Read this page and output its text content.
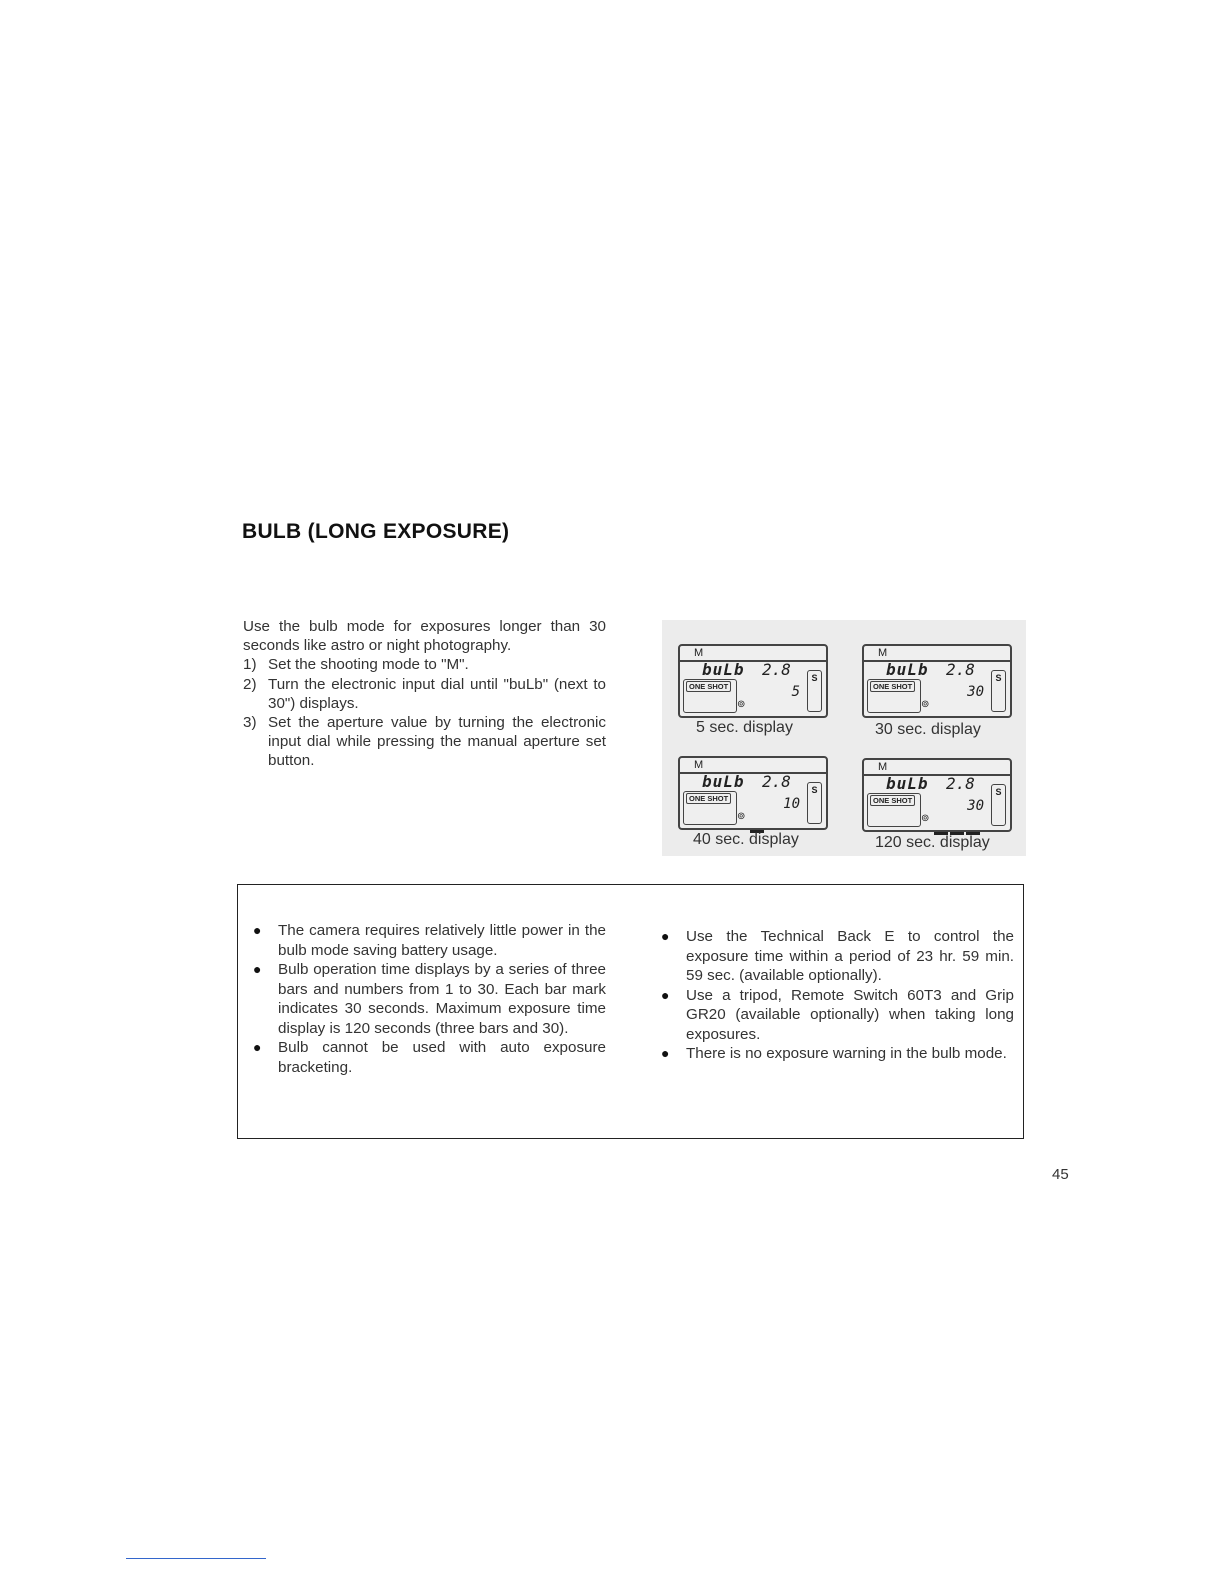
BULB (LONG EXPOSURE)

Use the bulb mode for exposures longer than 30 seconds like astro or night photography.

1) Set the shooting mode to "M".
2) Turn the electronic input dial until "buLb" (next to 30") displays.
3) Set the aperture value by turning the electronic input dial while pressing the manual aperture set button.
M
buLb 2.8
ONE SHOT
⊚
5
S
5 sec. display
M
buLb 2.8
ONE SHOT
⊚
30
S
30 sec. display
M
buLb 2.8
ONE SHOT
⊚
10
S
40 sec. display
M
buLb 2.8
ONE SHOT
⊚
30
S
120 sec. display
● The camera requires relatively little power in the bulb mode saving battery usage.
● Bulb operation time displays by a series of three bars and numbers from 1 to 30. Each bar mark indicates 30 seconds. Maximum exposure time display is 120 seconds (three bars and 30).
● Bulb cannot be used with auto exposure bracketing.
● Use the Technical Back E to control the exposure time within a period of 23 hr. 59 min. 59 sec. (available optionally).
● Use a tripod, Remote Switch 60T3 and Grip GR20 (available optionally) when taking long exposures.
● There is no exposure warning in the bulb mode.
45
